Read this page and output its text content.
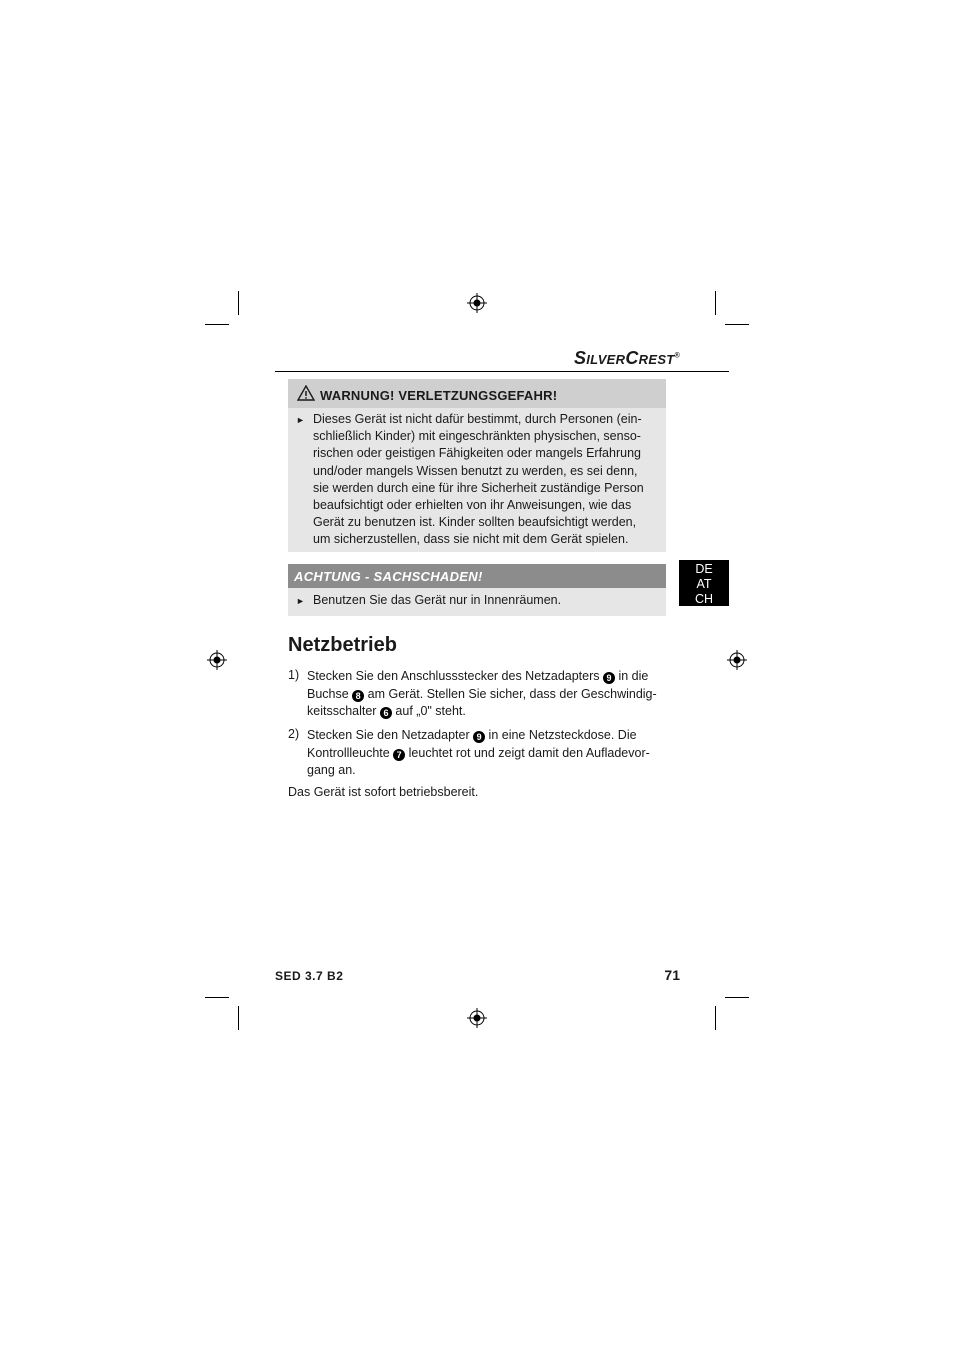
SILVERCREST®
WARNUNG! VERLETZUNGSGEFAHR!
► Dieses Gerät ist nicht dafür bestimmt, durch Personen (ein-
schließlich Kinder) mit eingeschränkten physischen, senso-
rischen oder geistigen Fähigkeiten oder mangels Erfahrung
und/oder mangels Wissen benutzt zu werden, es sei denn,
sie werden durch eine für ihre Sicherheit zuständige Person
beaufsichtigt oder erhielten von ihr Anweisungen, wie das
Gerät zu benutzen ist. Kinder sollten beaufsichtigt werden,
um sicherzustellen, dass sie nicht mit dem Gerät spielen.
ACHTUNG - SACHSCHADEN!
► Benutzen Sie das Gerät nur in Innenräumen.
DE
AT
CH
Netzbetrieb
1) Stecken Sie den Anschlussstecker des Netzadapters 9 in die
Buchse 8 am Gerät. Stellen Sie sicher, dass der Geschwindig-
keitsschalter 6 auf „0" steht.
2) Stecken Sie den Netzadapter 9 in eine Netzsteckdose. Die
Kontrollleuchte 7 leuchtet rot und zeigt damit den Aufladevor-
gang an.
Das Gerät ist sofort betriebsbereit.
SED 3.7 B2	71
